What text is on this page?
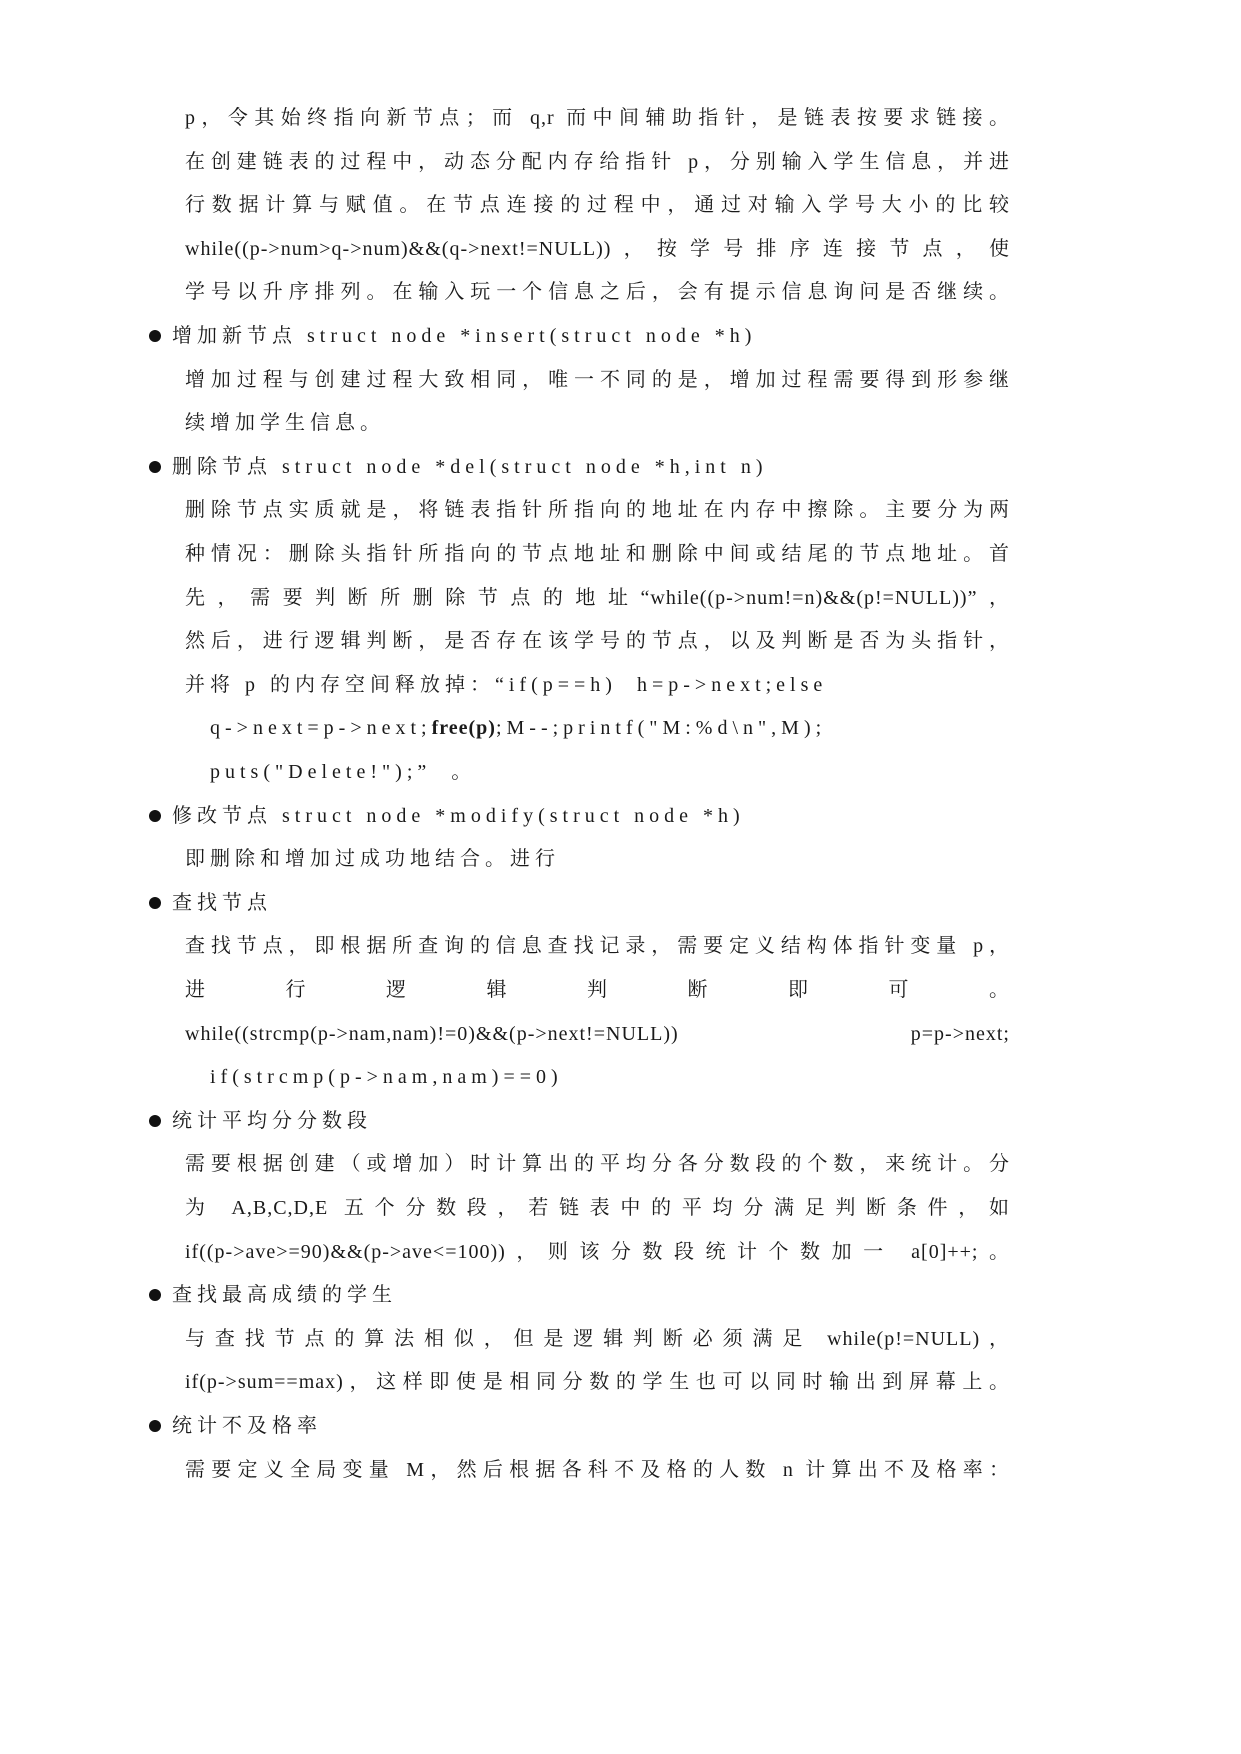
p，令其始终指向新节点；而 q,r 而中间辅助指针，是链表按要求链接。
在创建链表的过程中，动态分配内存给指针 p，分别输入学生信息，并进
行数据计算与赋值。在节点连接的过程中，通过对输入学号大小的比较
while((p->num>q->num)&&(q->next!=NULL))，按学号排序连接节点，使
学号以升序排列。在输入玩一个信息之后，会有提示信息询问是否继续。
增加新节点 struct node *insert(struct node *h)
增加过程与创建过程大致相同，唯一不同的是，增加过程需要得到形参继
续增加学生信息。
删除节点 struct node *del(struct node *h,int n)
删除节点实质就是，将链表指针所指向的地址在内存中擦除。主要分为两
种情况：删除头指针所指向的节点地址和删除中间或结尾的节点地址。首
先，需要判断所删除节点的地址“while((p->num!=n)&&(p!=NULL))”，
然后，进行逻辑判断，是否存在该学号的节点，以及判断是否为头指针，
并将 p 的内存空间释放掉：“if(p==h)  h=p->next;else
q->next=p->next;free(p);M--;printf("M:%d\n",M);
puts("Delete!");”  。
修改节点 struct node *modify(struct node *h)
即删除和增加过成功地结合。进行
查找节点
查找节点，即根据所查询的信息查找记录，需要定义结构体指针变量 p，
进行逻辑判断即可。
while((strcmp(p->nam,nam)!=0)&&(p->next!=NULL)) p=p->next;
if(strcmp(p->nam,nam)==0)
统计平均分分数段
需要根据创建（或增加）时计算出的平均分各分数段的个数，来统计。分
为 A,B,C,D,E 五个分数段，若链表中的平均分满足判断条件，如
if((p->ave>=90)&&(p->ave<=100))，则该分数段统计个数加一 a[0]++;。
查找最高成绩的学生
与查找节点的算法相似，但是逻辑判断必须满足 while(p!=NULL)，
if(p->sum==max)，这样即使是相同分数的学生也可以同时输出到屏幕上。
统计不及格率
需要定义全局变量 M，然后根据各科不及格的人数 n 计算出不及格率：
